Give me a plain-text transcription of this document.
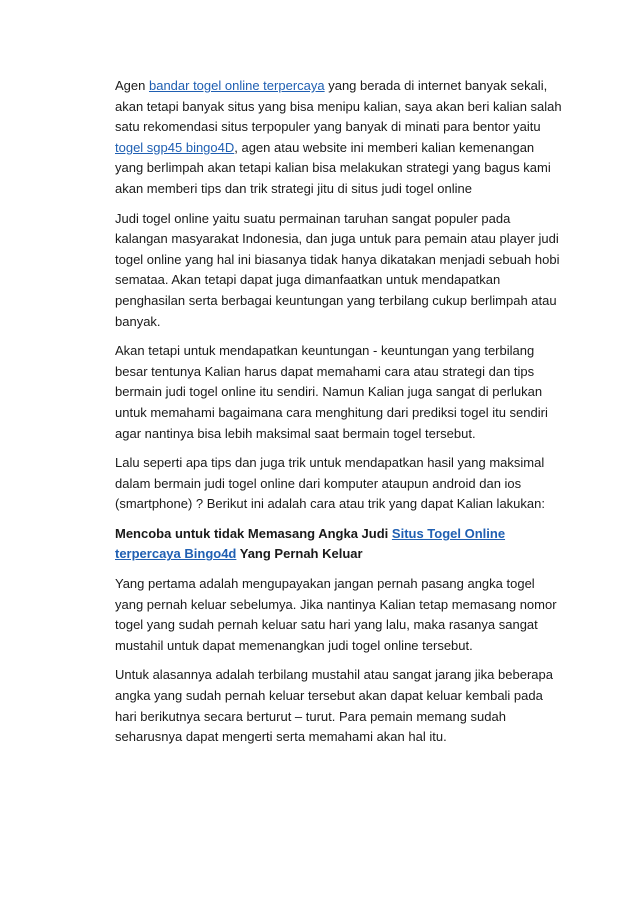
Agen bandar togel online terpercaya yang berada di internet banyak sekali, akan tetapi banyak situs yang bisa menipu kalian, saya akan beri kalian salah satu rekomendasi situs terpopuler yang banyak di minati para bentor yaitu togel sgp45 bingo4D, agen atau website ini memberi kalian kemenangan yang berlimpah akan tetapi kalian bisa melakukan strategi yang bagus kami akan memberi tips dan trik strategi jitu di situs judi togel online

Judi togel online yaitu suatu permainan taruhan sangat populer pada kalangan masyarakat Indonesia, dan juga untuk para pemain atau player judi togel online yang hal ini biasanya tidak hanya dikatakan menjadi sebuah hobi semataa. Akan tetapi dapat juga dimanfaatkan untuk mendapatkan penghasilan serta berbagai keuntungan yang terbilang cukup berlimpah atau banyak.

Akan tetapi untuk mendapatkan keuntungan - keuntungan yang terbilang besar tentunya Kalian harus dapat memahami cara atau strategi dan tips bermain judi togel online itu sendiri. Namun Kalian juga sangat di perlukan untuk memahami bagaimana cara menghitung dari prediksi togel itu sendiri agar nantinya bisa lebih maksimal saat bermain togel tersebut.

Lalu seperti apa tips dan juga trik untuk mendapatkan hasil yang maksimal dalam bermain judi togel online dari komputer ataupun android dan ios (smartphone) ? Berikut ini adalah cara atau trik yang dapat Kalian lakukan:

Mencoba untuk tidak Memasang Angka Judi Situs Togel Online terpercaya Bingo4d Yang Pernah Keluar

Yang pertama adalah mengupayakan jangan pernah pasang angka togel yang pernah keluar sebelumya. Jika nantinya Kalian tetap memasang nomor togel yang sudah pernah keluar satu hari yang lalu, maka rasanya sangat mustahil untuk dapat memenangkan judi togel online tersebut.

Untuk alasannya adalah terbilang mustahil atau sangat jarang jika beberapa angka yang sudah pernah keluar tersebut akan dapat keluar kembali pada hari berikutnya secara berturut – turut. Para pemain memang sudah seharusnya dapat mengerti serta memahami akan hal itu.
